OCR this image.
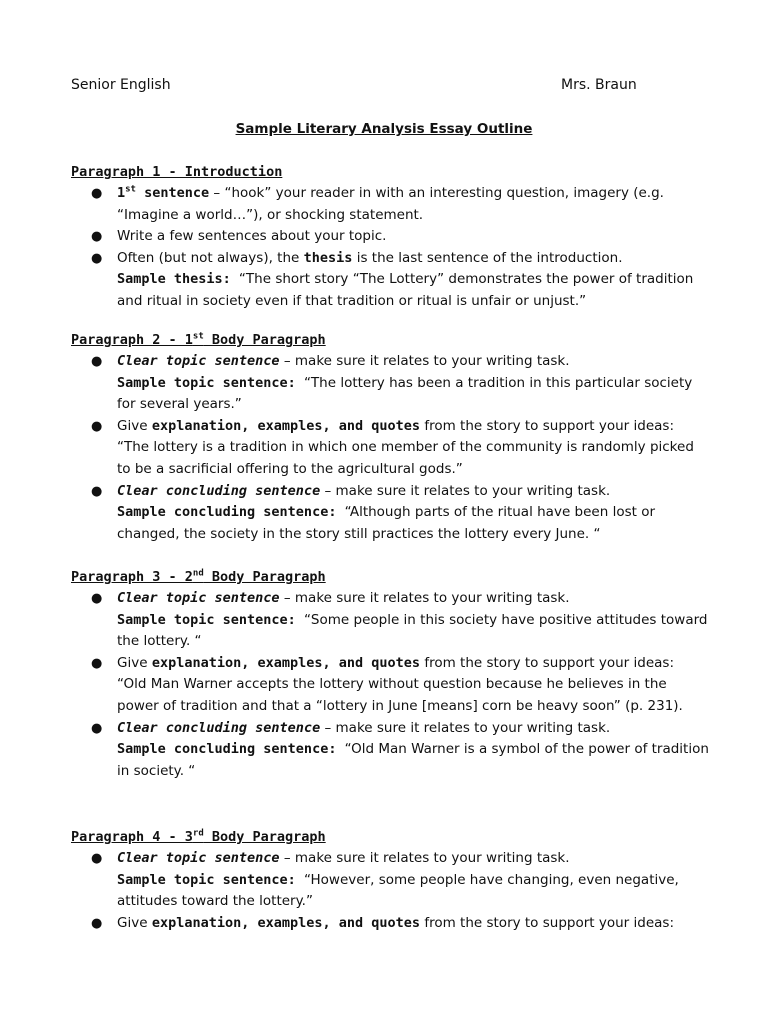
Senior English	Mrs. Braun
Sample Literary Analysis Essay Outline
Paragraph 1 - Introduction
● 1st sentence – “hook” your reader in with an interesting question, imagery (e.g. “Imagine a world…”), or shocking statement.
● Write a few sentences about your topic.
● Often (but not always), the thesis is the last sentence of the introduction.
Sample thesis: “The short story “The Lottery” demonstrates the power of tradition and ritual in society even if that tradition or ritual is unfair or unjust.”
Paragraph 2 - 1st Body Paragraph
● Clear topic sentence – make sure it relates to your writing task.
Sample topic sentence: “The lottery has been a tradition in this particular society for several years.”
● Give explanation, examples, and quotes from the story to support your ideas:
“The lottery is a tradition in which one member of the community is randomly picked to be a sacrificial offering to the agricultural gods.”
● Clear concluding sentence – make sure it relates to your writing task.
Sample concluding sentence: “Although parts of the ritual have been lost or changed, the society in the story still practices the lottery every June. “
Paragraph 3 - 2nd Body Paragraph
● Clear topic sentence – make sure it relates to your writing task.
Sample topic sentence: “Some people in this society have positive attitudes toward the lottery. “
● Give explanation, examples, and quotes from the story to support your ideas:
“Old Man Warner accepts the lottery without question because he believes in the power of tradition and that a “lottery in June [means] corn be heavy soon” (p. 231).
● Clear concluding sentence – make sure it relates to your writing task.
Sample concluding sentence: “Old Man Warner is a symbol of the power of tradition in society. “
Paragraph 4 - 3rd Body Paragraph
● Clear topic sentence – make sure it relates to your writing task.
Sample topic sentence: “However, some people have changing, even negative, attitudes toward the lottery.”
● Give explanation, examples, and quotes from the story to support your ideas:
